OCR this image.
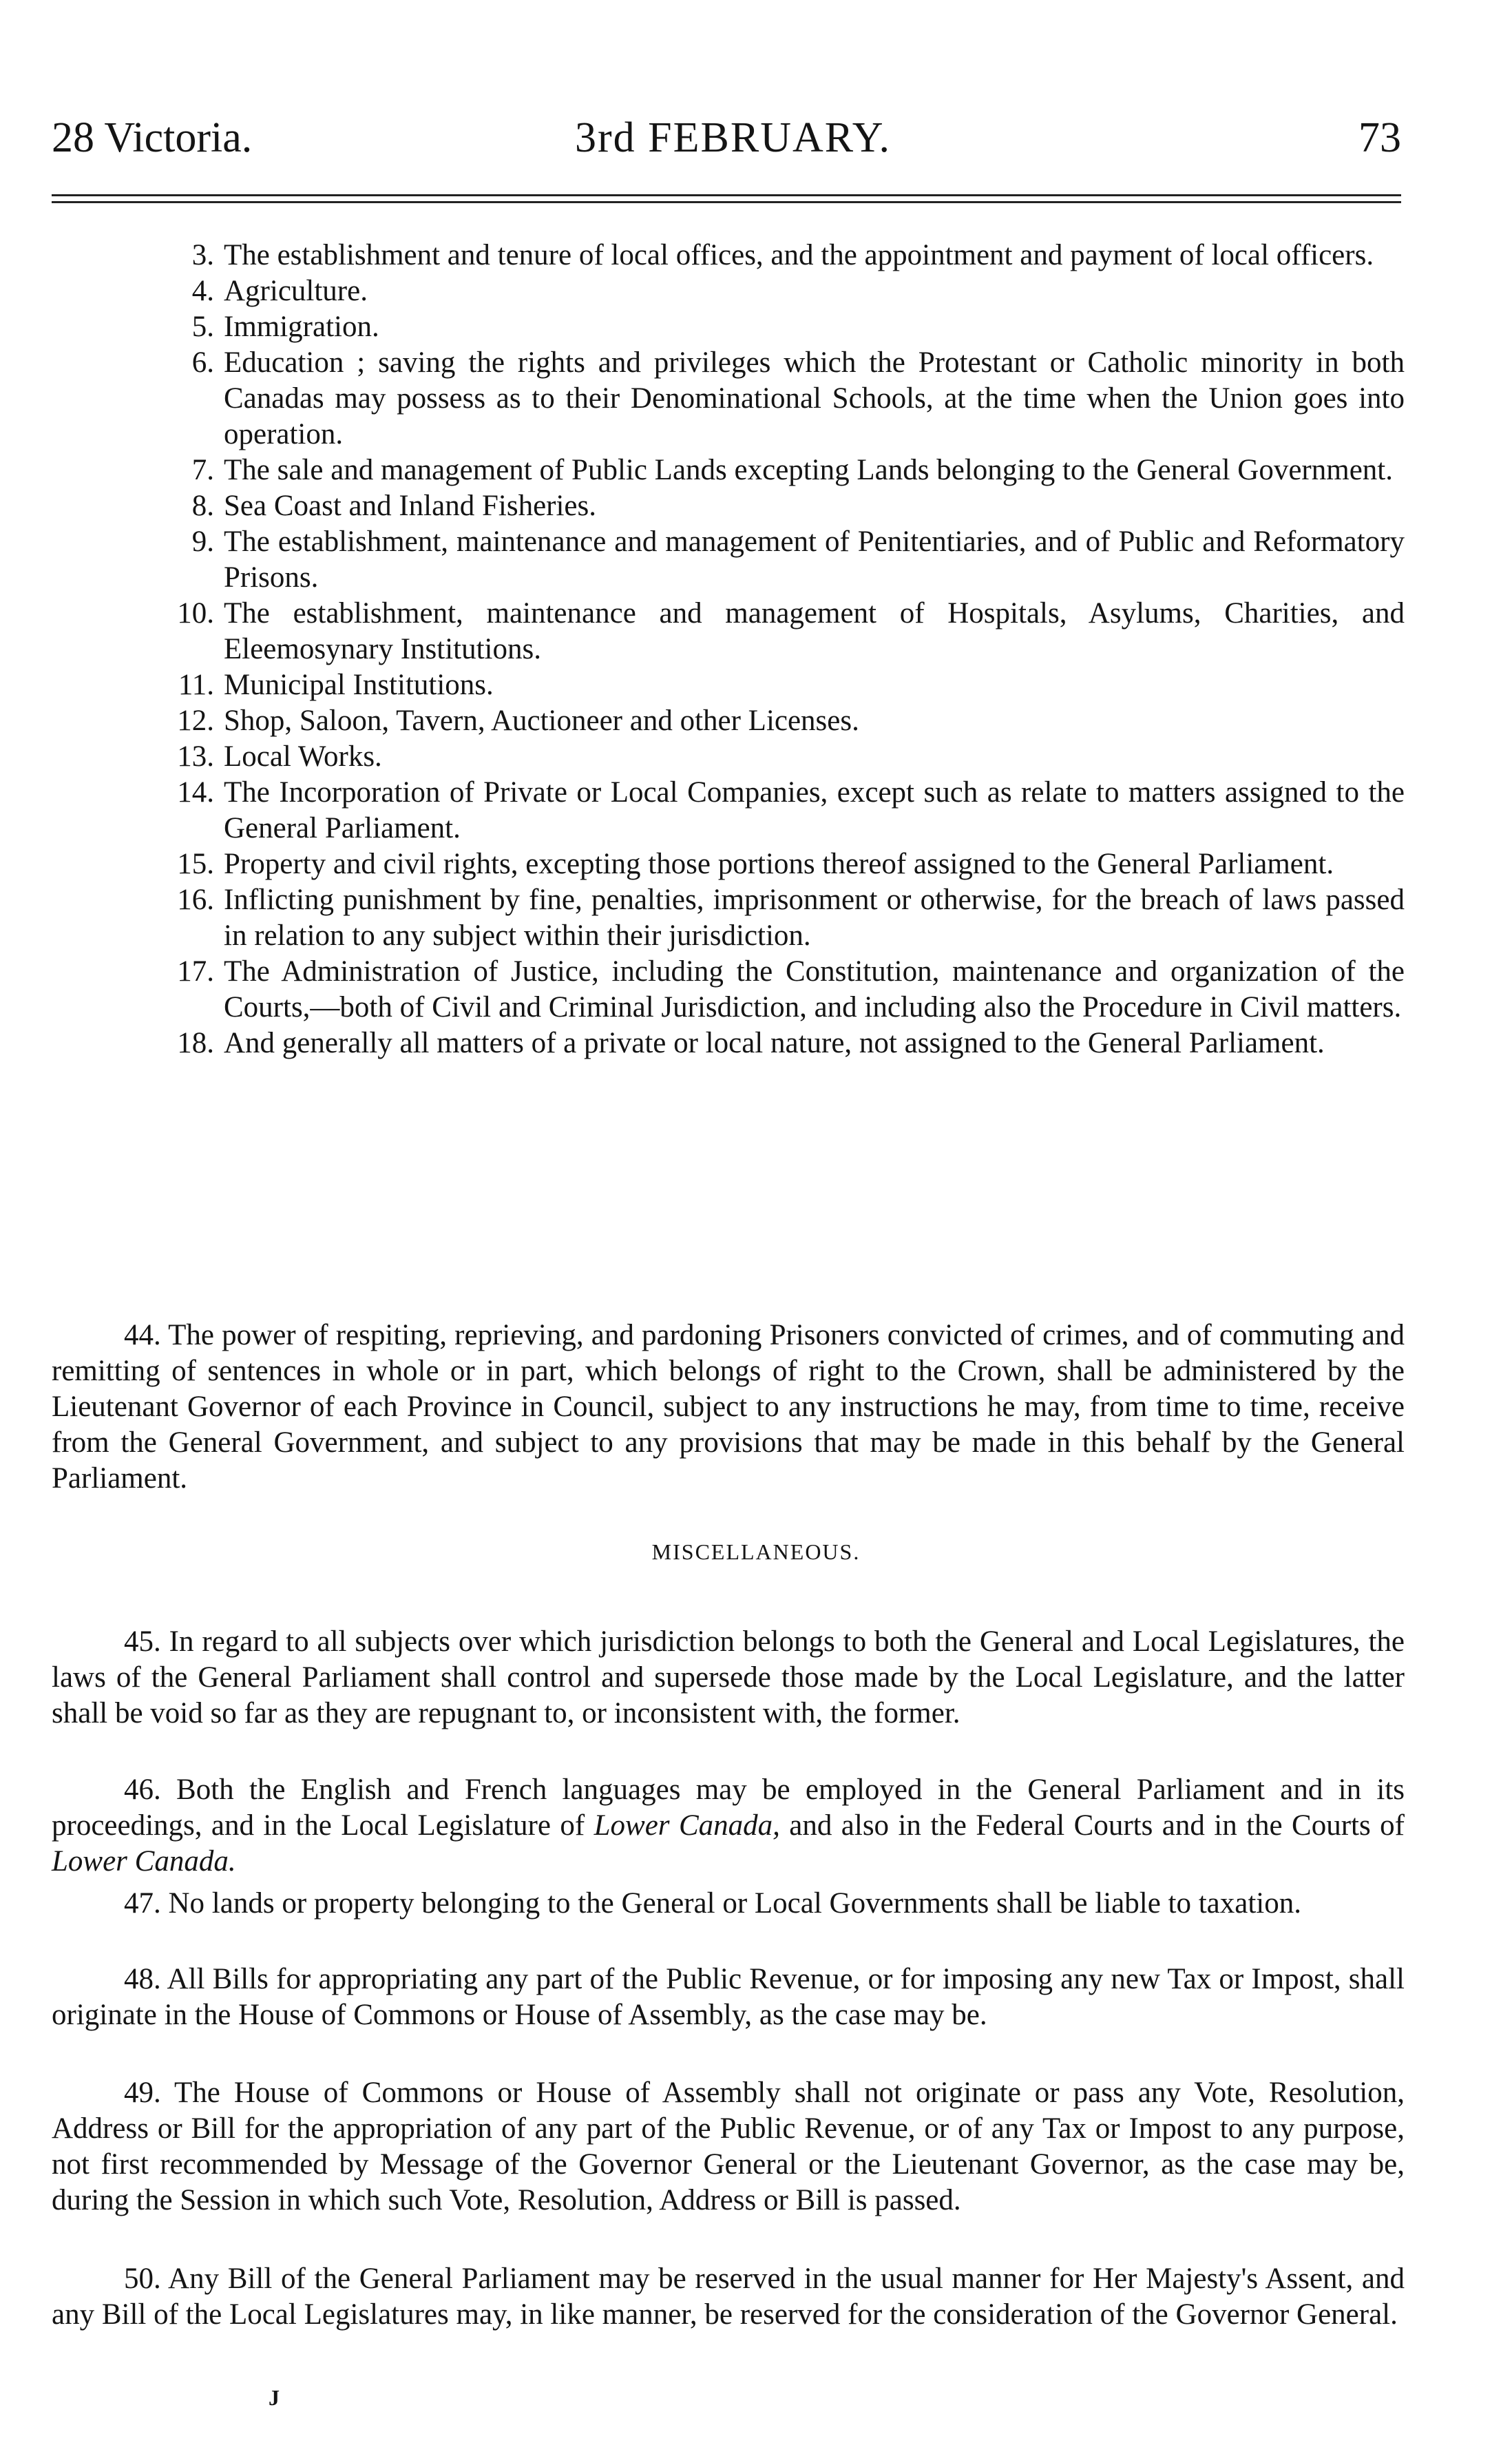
28 Victoria.	3rd FEBRUARY.	73
3. The establishment and tenure of local offices, and the appointment and payment of local officers.
4. Agriculture.
5. Immigration.
6. Education ; saving the rights and privileges which the Protestant or Catholic minority in both Canadas may possess as to their Denominational Schools, at the time when the Union goes into operation.
7. The sale and management of Public Lands excepting Lands belonging to the General Government.
8. Sea Coast and Inland Fisheries.
9. The establishment, maintenance and management of Penitentiaries, and of Public and Reformatory Prisons.
10. The establishment, maintenance and management of Hospitals, Asylums, Charities, and Eleemosynary Institutions.
11. Municipal Institutions.
12. Shop, Saloon, Tavern, Auctioneer and other Licenses.
13. Local Works.
14. The Incorporation of Private or Local Companies, except such as relate to matters assigned to the General Parliament.
15. Property and civil rights, excepting those portions thereof assigned to the General Parliament.
16. Inflicting punishment by fine, penalties, imprisonment or otherwise, for the breach of laws passed in relation to any subject within their jurisdiction.
17. The Administration of Justice, including the Constitution, maintenance and organization of the Courts,—both of Civil and Criminal Jurisdiction, and including also the Procedure in Civil matters.
18. And generally all matters of a private or local nature, not assigned to the General Parliament.

44. The power of respiting, reprieving, and pardoning Prisoners convicted of crimes, and of commuting and remitting of sentences in whole or in part, which belongs of right to the Crown, shall be administered by the Lieutenant Governor of each Province in Council, subject to any instructions he may, from time to time, receive from the General Government, and subject to any provisions that may be made in this behalf by the General Parliament.

MISCELLANEOUS.

45. In regard to all subjects over which jurisdiction belongs to both the General and Local Legislatures, the laws of the General Parliament shall control and supersede those made by the Local Legislature, and the latter shall be void so far as they are repugnant to, or inconsistent with, the former.

46. Both the English and French languages may be employed in the General Parliament and in its proceedings, and in the Local Legislature of Lower Canada, and also in the Federal Courts and in the Courts of Lower Canada.

47. No lands or property belonging to the General or Local Governments shall be liable to taxation.

48. All Bills for appropriating any part of the Public Revenue, or for imposing any new Tax or Impost, shall originate in the House of Commons or House of Assembly, as the case may be.

49. The House of Commons or House of Assembly shall not originate or pass any Vote, Resolution, Address or Bill for the appropriation of any part of the Public Revenue, or of any Tax or Impost to any purpose, not first recommended by Message of the Governor General or the Lieutenant Governor, as the case may be, during the Session in which such Vote, Resolution, Address or Bill is passed.

50. Any Bill of the General Parliament may be reserved in the usual manner for Her Majesty's Assent, and any Bill of the Local Legislatures may, in like manner, be reserved for the consideration of the Governor General.

J
